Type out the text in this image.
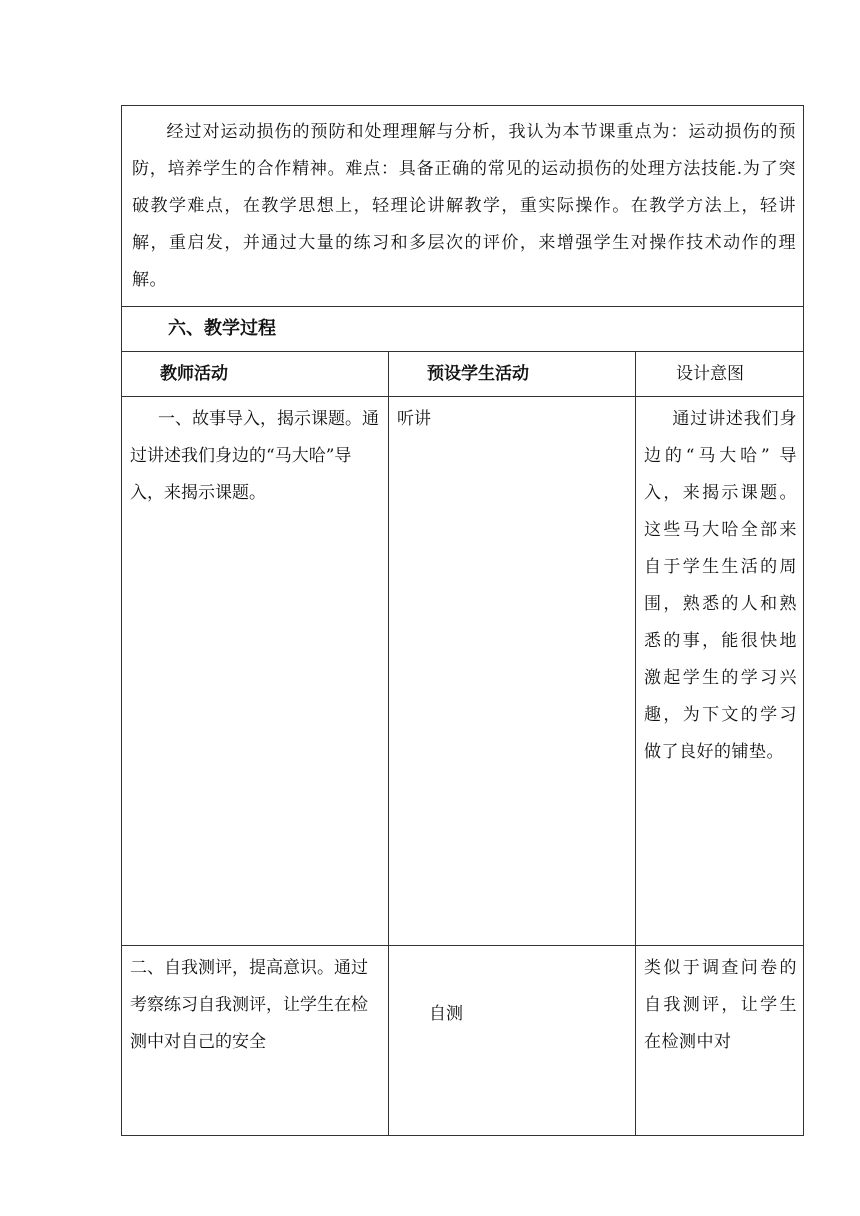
经过对运动损伤的预防和处理理解与分析，我认为本节课重点为：运动损伤的预防，培养学生的合作精神。难点：具备正确的常见的运动损伤的处理方法技能.为了突破教学难点，在教学思想上，轻理论讲解教学，重实际操作。在教学方法上，轻讲解，重启发，并通过大量的练习和多层次的评价，来增强学生对操作技术动作的理解。		
六、教学过程		
教师活动	预设学生活动	设计意图
一、故事导入，揭示课题。通过讲述我们身边的“马大哈”导入，来揭示课题。	听讲	通过讲述我们身边的“马大哈” 导入，来揭示课题。这些马大哈全部来自于学生生活的周围，熟悉的人和熟悉的事，能很快地激起学生的学习兴趣，为下文的学习做了良好的铺垫。
二、自我测评，提高意识。通过考察练习自我测评，让学生在检测中对自己的安全	自测	类似于调查问卷的自我测评，让学生在检测中对
